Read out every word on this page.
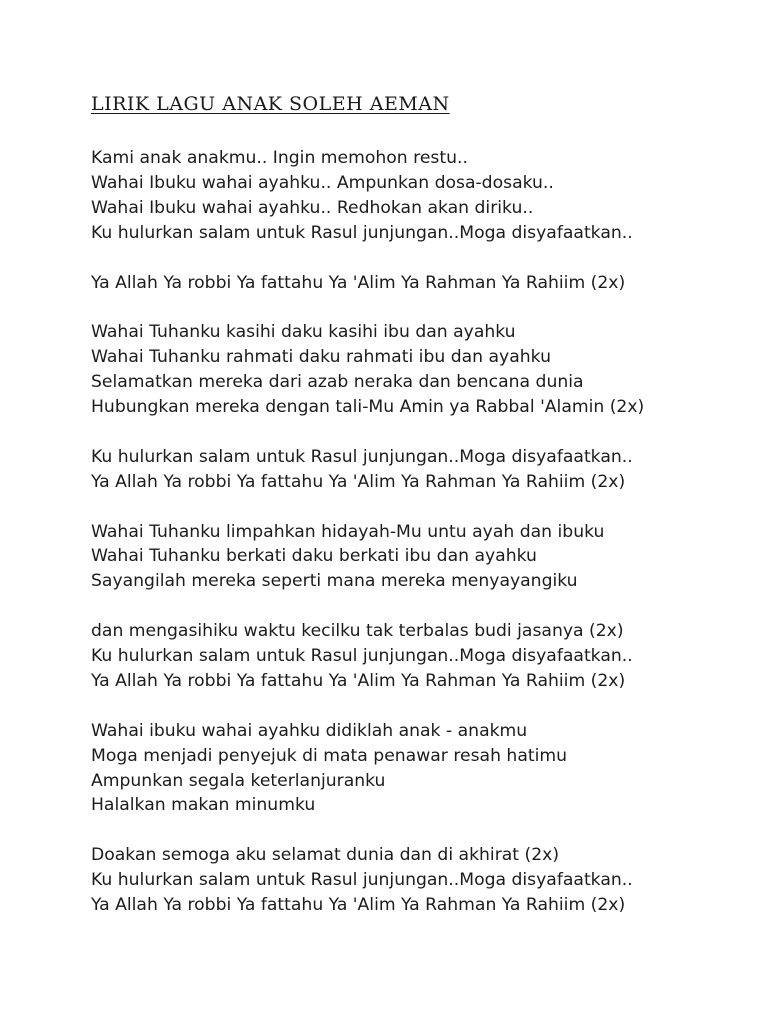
LIRIK LAGU ANAK SOLEH AEMAN
Kami anak anakmu.. Ingin memohon restu..
Wahai Ibuku wahai ayahku.. Ampunkan dosa-dosaku..
Wahai Ibuku wahai ayahku.. Redhokan akan diriku..
Ku hulurkan salam untuk Rasul junjungan..Moga disyafaatkan..
Ya Allah Ya robbi Ya fattahu Ya 'Alim Ya Rahman Ya Rahiim (2x)
Wahai Tuhanku kasihi daku kasihi ibu dan ayahku
Wahai Tuhanku rahmati daku rahmati ibu dan ayahku
Selamatkan mereka dari azab neraka dan bencana dunia
Hubungkan mereka dengan tali-Mu Amin ya Rabbal 'Alamin (2x)
Ku hulurkan salam untuk Rasul junjungan..Moga disyafaatkan..
Ya Allah Ya robbi Ya fattahu Ya 'Alim Ya Rahman Ya Rahiim (2x)
Wahai Tuhanku limpahkan hidayah-Mu untu ayah dan ibuku
Wahai Tuhanku berkati daku berkati ibu dan ayahku
Sayangilah mereka seperti mana mereka menyayangiku
dan mengasihiku waktu kecilku tak terbalas budi jasanya (2x)
Ku hulurkan salam untuk Rasul junjungan..Moga disyafaatkan..
Ya Allah Ya robbi Ya fattahu Ya 'Alim Ya Rahman Ya Rahiim (2x)
Wahai ibuku wahai ayahku didiklah anak - anakmu
Moga menjadi penyejuk di mata penawar resah hatimu
Ampunkan segala keterlanjuranku
Halalkan makan minumku
Doakan semoga aku selamat dunia dan di akhirat (2x)
Ku hulurkan salam untuk Rasul junjungan..Moga disyafaatkan..
Ya Allah Ya robbi Ya fattahu Ya 'Alim Ya Rahman Ya Rahiim (2x)
